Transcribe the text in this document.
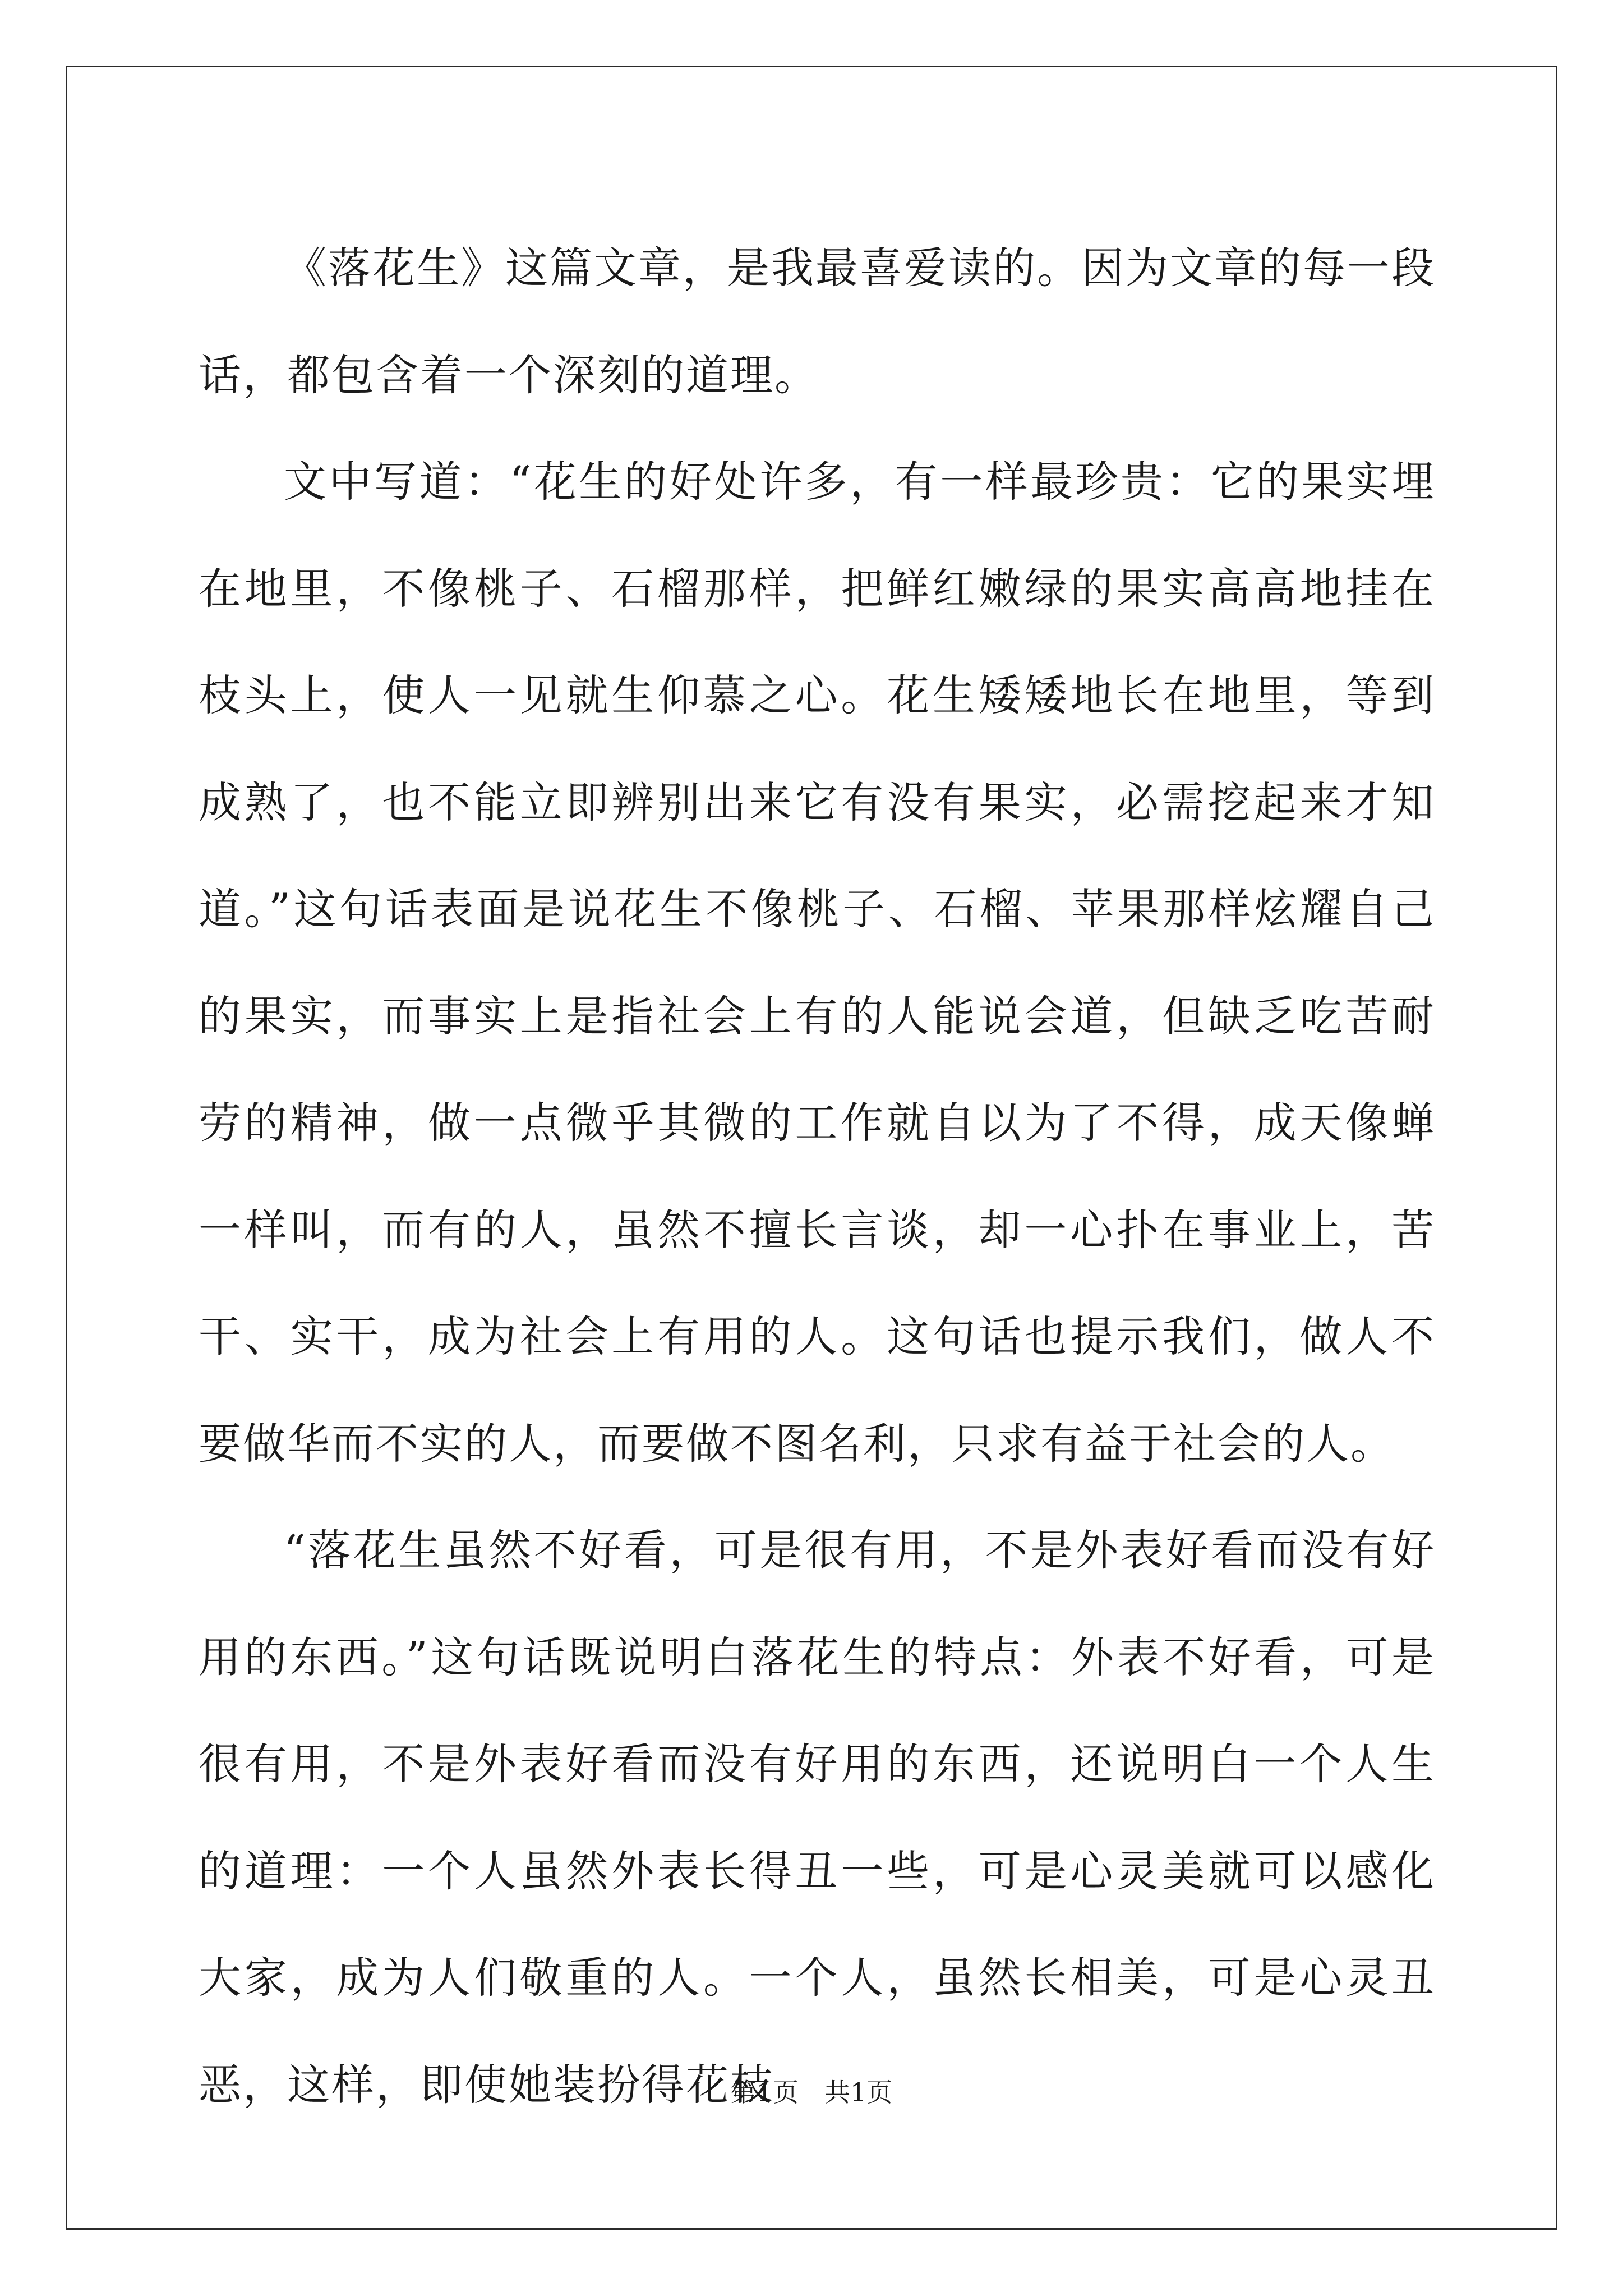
《落花生》这篇文章，是我最喜爱读的。因为文章的每一段话，都包含着一个深刻的道理。

文中写道：“花生的好处许多，有一样最珍贵：它的果实埋在地里，不像桃子、石榴那样，把鲜红嫩绿的果实高高地挂在枝头上，使人一见就生仰慕之心。花生矮矮地长在地里，等到成熟了，也不能立即辨别出来它有没有果实，必需挖起来才知道。”这句话表面是说花生不像桃子、石榴、苹果那样炫耀自己的果实，而事实上是指社会上有的人能说会道，但缺乏吃苦耐劳的精神，做一点微乎其微的工作就自以为了不得，成天像蝉一样叫，而有的人，虽然不擅长言谈，却一心扑在事业上，苦干、实干，成为社会上有用的人。这句话也提示我们，做人不要做华而不实的人，而要做不图名利，只求有益于社会的人。

“落花生虽然不好看，可是很有用，不是外表好看而没有好用的东西。”这句话既说明白落花生的特点：外表不好看，可是很有用，不是外表好看而没有好用的东西，还说明白一个人生的道理：一个人虽然外表长得丑一些，可是心灵美就可以感化大家，成为人们敬重的人。一个人，虽然长相美，可是心灵丑恶，这样，即使她装扮得花枝

第1页　共1页
